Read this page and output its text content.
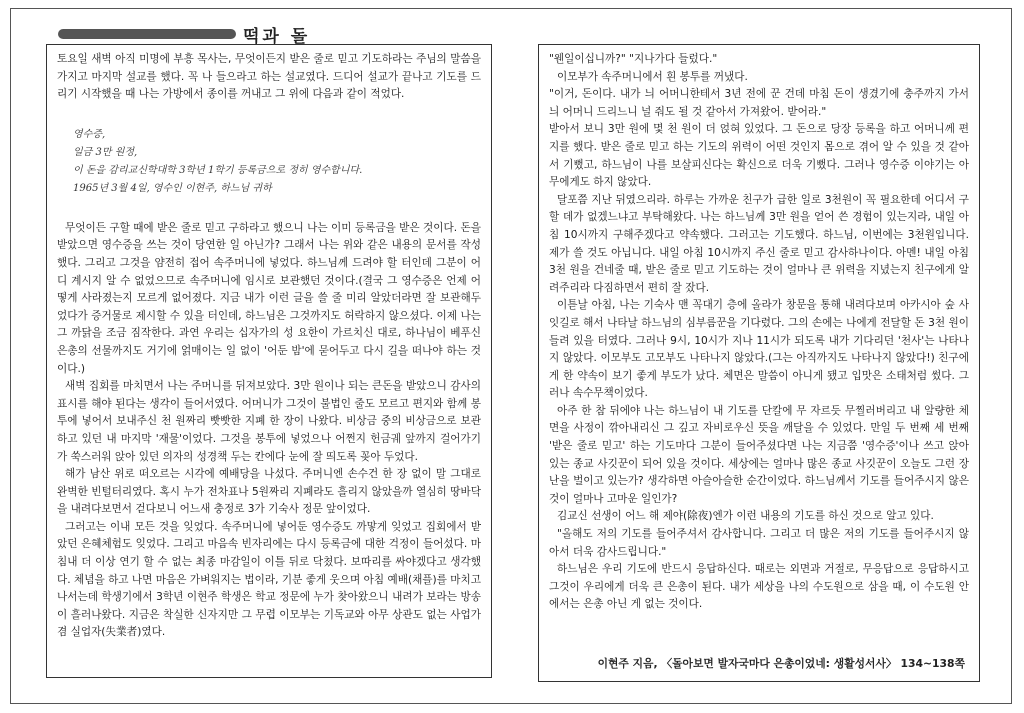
떡과 돌

토요일 새벽 아직 미명에 부흥 목사는, 무엇이든지 받은 줄로 믿고 기도하라는 주님의 말씀을 가지고 마지막 설교를 했다. 꼭 나 들으라고 하는 설교였다. 드디어 설교가 끝나고 기도를 드리기 시작했을 때 나는 가방에서 종이를 꺼내고 그 위에 다음과 같이 적었다.

영수증,
일금 3만 원정,
이 돈을 감리교신학대학 3학년 1학기 등록금으로 정히 영수합니다.
1965년 3월 4일, 영수인 이현주, 하느님 귀하

무엇이든 구할 때에 받은 줄로 믿고 구하라고 했으니 나는 이미 등록금을 받은 것이다. 돈을 받았으면 영수증을 쓰는 것이 당연한 일 아닌가? 그래서 나는 위와 같은 내용의 문서를 작성했다. 그리고 그것을 얌전히 접어 속주머니에 넣었다. 하느님께 드려야 할 터인데 그분이 어디 계시지 알 수 없었으므로 속주머니에 임시로 보관했던 것이다.(결국 그 영수증은 언제 어떻게 사라졌는지 모르게 없어졌다. 지금 내가 이런 글을 쓸 줄 미리 알았더라면 잘 보관해두었다가 증거물로 제시할 수 있을 터인데, 하느님은 그것까지도 허락하지 않으셨다. 이제 나는 그 까닭을 조금 짐작한다. 과연 우리는 십자가의 성 요한이 가르치신 대로, 하나님이 베푸신 은총의 선물까지도 거기에 얽매이는 일 없이 '어둔 밤'에 묻어두고 다시 길을 떠나야 하는 것이다.)

새벽 집회를 마치면서 나는 주머니를 뒤져보았다. 3만 원이나 되는 큰돈을 받았으니 감사의 표시를 해야 된다는 생각이 들어서였다. 어머니가 그것이 불법인 줄도 모르고 편지와 함께 봉투에 넣어서 보내주신 천 원짜리 빳빳한 지폐 한 장이 나왔다. 비상금 중의 비상금으로 보관하고 있던 내 마지막 '재물'이었다. 그것을 봉투에 넣었으나 어쩐지 헌금궤 앞까지 걸어가기가 쑥스러워 앉아 있던 의자의 성경책 두는 칸에다 눈에 잘 띄도록 꽂아 두었다.

해가 남산 위로 떠오르는 시각에 예배당을 나섰다. 주머니엔 손수건 한 장 없이 말 그대로 완벽한 빈털터리였다. 혹시 누가 전차표나 5원짜리 지폐라도 흘리지 않았을까 열심히 땅바닥을 내려다보면서 걷다보니 어느새 충정로 3가 기숙사 정문 앞이었다.

그러고는 이내 모든 것을 잊었다. 속주머니에 넣어둔 영수증도 까맣게 잊었고 집회에서 받았던 은혜체험도 잊었다. 그리고 마음속 빈자리에는 다시 등록금에 대한 걱정이 들어섰다. 마침내 더 이상 연기 할 수 없는 최종 마감일이 이틀 뒤로 닥쳤다. 보따리를 싸야겠다고 생각했다. 체념을 하고 나면 마음은 가벼워지는 법이라, 기분 좋게 웃으며 아침 예배(채플)를 마치고 나서는데 학생기에서 3학년 이현주 학생은 학교 정문에 누가 찾아왔으니 내려가 보라는 방송이 흘러나왔다. 지금은 착실한 신자지만 그 무렵 이모부는 기독교와 아무 상관도 없는 사업가 겸 실업자(失業者)였다.

"웬일이십니까?" "지나가다 들렀다."

이모부가 속주머니에서 흰 봉투를 꺼냈다.

"이거, 돈이다. 내가 늬 어머니한테서 3년 전에 꾼 건데 마침 돈이 생겼기에 충주까지 가서 늬 어머니 드리느니 널 줘도 될 것 같아서 가져왔어. 받어라."

받아서 보니 3만 원에 몇 천 원이 더 얹혀 있었다. 그 돈으로 당장 등록을 하고 어머니께 편지를 했다. 받은 줄로 믿고 하는 기도의 위력이 어떤 것인지 몸으로 겪어 알 수 있을 것 같아서 기뻤고, 하느님이 나를 보살피신다는 확신으로 더욱 기뻤다. 그러나 영수증 이야기는 아무에게도 하지 않았다.

달포쯤 지난 뒤였으리라. 하루는 가까운 친구가 급한 일로 3천원이 꼭 필요한데 어디서 구할 데가 없겠느냐고 부탁해왔다. 나는 하느님께 3만 원을 얻어 쓴 경험이 있는지라, 내일 아침 10시까지 구해주겠다고 약속했다. 그러고는 기도했다. 하느님, 이번에는 3천원입니다. 제가 쓸 것도 아닙니다. 내일 아침 10시까지 주신 줄로 믿고 감사하나이다. 아멘! 내일 아침 3천 원을 건네줄 때, 받은 줄로 믿고 기도하는 것이 얼마나 큰 위력을 지녔는지 친구에게 알려주리라 다짐하면서 편히 잘 잤다.

이튿날 아침, 나는 기숙사 맨 꼭대기 층에 올라가 창문을 통해 내려다보며 아카시아 숲 사잇길로 해서 나타날 하느님의 심부름꾼을 기다렸다. 그의 손에는 나에게 전달할 돈 3천 원이 들려 있을 터였다. 그러나 9시, 10시가 지나 11시가 되도록 내가 기다리던 '천사'는 나타나지 않았다. 이모부도 고모부도 나타나지 않았다.(그는 아직까지도 나타나지 않았다!) 친구에게 한 약속이 보기 좋게 부도가 났다. 체면은 말씀이 아니게 됐고 입맛은 소태처럼 썼다. 그러나 속수무책이었다.

아주 한 참 뒤에야 나는 하느님이 내 기도를 단칼에 무 자르듯 무찔러버리고 내 알량한 체면을 사정이 깎아내리신 그 깊고 자비로우신 뜻을 깨달을 수 있었다. 만일 두 번째 세 번째 '받은 줄로 믿고' 하는 기도마다 그분이 들어주셨다면 나는 지금쯤 '영수증'이나 쓰고 앉아 있는 종교 사깃꾼이 되어 있을 것이다. 세상에는 얼마나 많은 종교 사깃꾼이 오늘도 그런 장난을 벌이고 있는가? 생각하면 아슬아슬한 순간이었다. 하느님께서 기도를 들어주시지 않은 것이 얼마나 고마운 일인가?

김교신 선생이 어느 해 제야(除夜)엔가 이런 내용의 기도를 하신 것으로 알고 있다.

"올해도 저의 기도를 들어주셔서 감사합니다. 그리고 더 많은 저의 기도를 들어주시지 않아서 더욱 감사드립니다."

하느님은 우리 기도에 반드시 응답하신다. 때로는 외면과 거절로, 무응답으로 응답하시고 그것이 우리에게 더욱 큰 은총이 된다. 내가 세상을 나의 수도원으로 삼을 때, 이 수도원 안에서는 은총 아닌 게 없는 것이다.

이현주 지음, 〈돌아보면 발자국마다 은총이었네: 생활성서사〉 134~138쪽
